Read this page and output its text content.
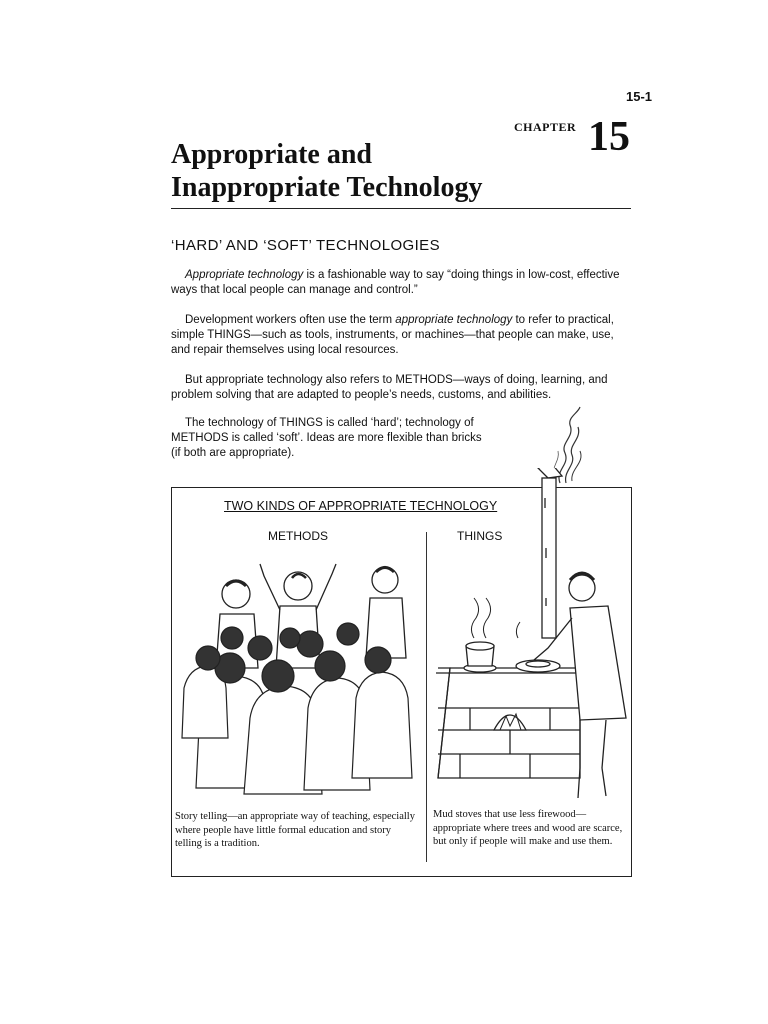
15-1
CHAPTER 15
Appropriate and
Inappropriate Technology
‘HARD’ AND ‘SOFT’ TECHNOLOGIES
Appropriate technology is a fashionable way to say “doing things in low-cost, effective ways that local people can manage and control.”
Development workers often use the term appropriate technology to refer to practical, simple THINGS—such as tools, instruments, or machines—that people can make, use, and repair themselves using local resources.
But appropriate technology also refers to METHODS—ways of doing, learning, and problem solving that are adapted to people’s needs, customs, and abilities.
The technology of THINGS is called ‘hard’; technology of METHODS is called ‘soft’. Ideas are more flexible than bricks (if both are appropriate).
TWO KINDS OF APPROPRIATE TECHNOLOGY
METHODS	THINGS
Story telling—an appropriate way of teaching, especially where people have little formal education and story telling is a tradition.
Mud stoves that use less firewood—appropriate where trees and wood are scarce, but only if people will make and use them.
